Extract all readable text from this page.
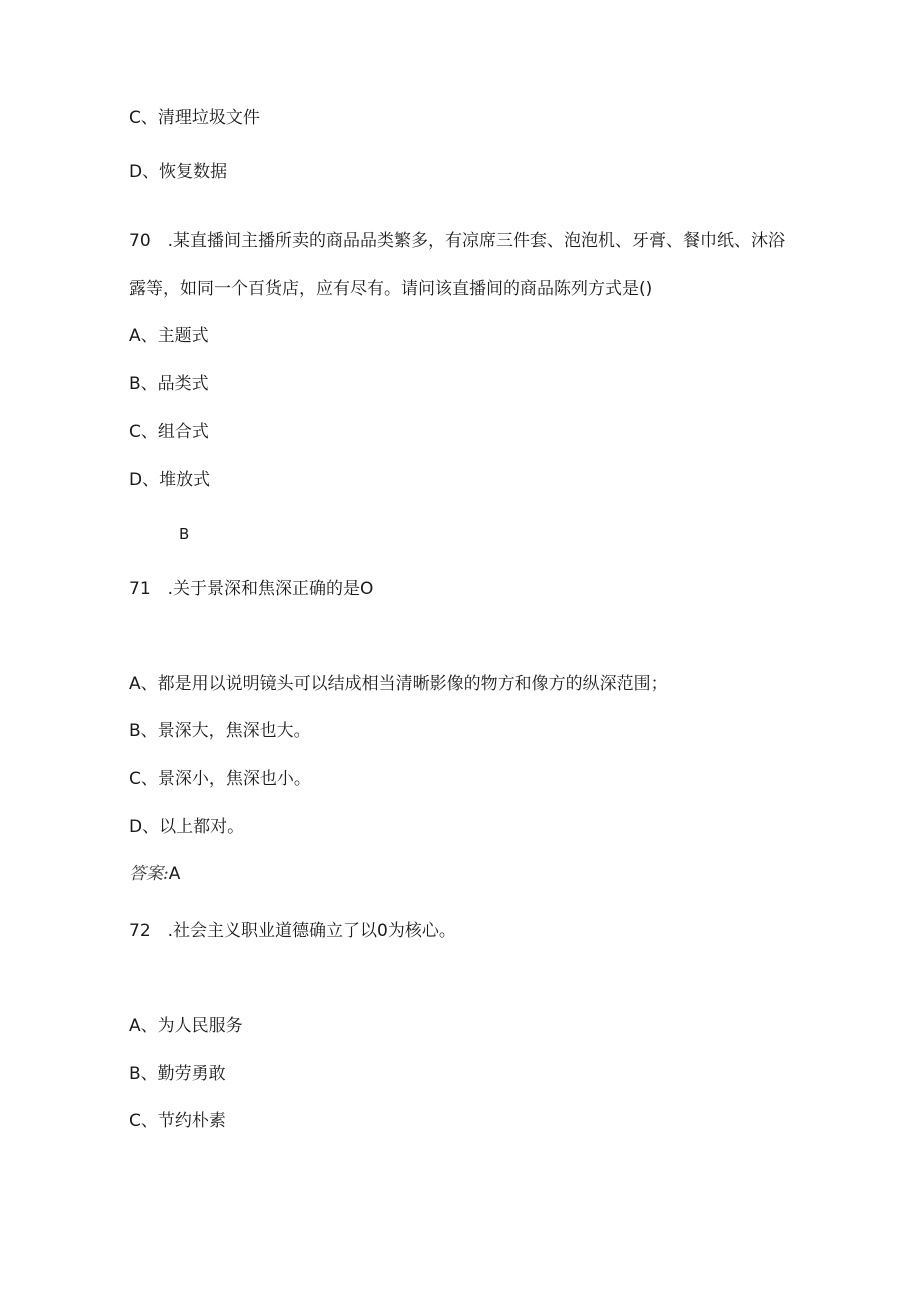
C、清理垃圾文件
D、恢复数据
70　.某直播间主播所卖的商品品类繁多，有凉席三件套、泡泡机、牙膏、餐巾纸、沐浴
露等，如同一个百货店，应有尽有。请问该直播间的商品陈列方式是()
A、主题式
B、品类式
C、组合式
D、堆放式
B
71　.关于景深和焦深正确的是O
A、都是用以说明镜头可以结成相当清晰影像的物方和像方的纵深范围；
B、景深大，焦深也大。
C、景深小，焦深也小。
D、以上都对。
答案:A
72　.社会主义职业道德确立了以0为核心。
A、为人民服务
B、勤劳勇敢
C、节约朴素
